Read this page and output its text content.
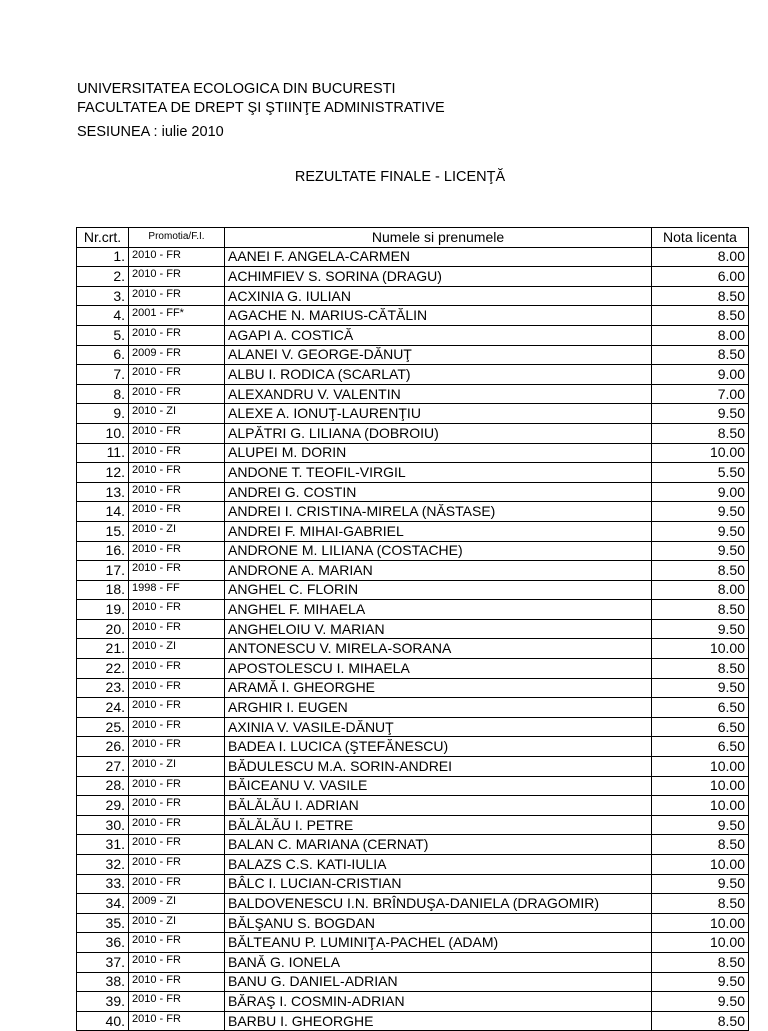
UNIVERSITATEA ECOLOGICA DIN BUCURESTI
FACULTATEA DE DREPT ŞI ŞTIINŢE ADMINISTRATIVE
SESIUNEA : iulie 2010
REZULTATE FINALE - LICENŢĂ
Nr.crt.	Promotia/F.I.	Numele si prenumele	Nota licenta
1.	2010 - FR	AANEI F. ANGELA-CARMEN	8.00
2.	2010 - FR	ACHIMFIEV S. SORINA (DRAGU)	6.00
3.	2010 - FR	ACXINIA G. IULIAN	8.50
4.	2001 - FF*	AGACHE N. MARIUS-CĂTĂLIN	8.50
5.	2010 - FR	AGAPI A. COSTICĂ	8.00
6.	2009 - FR	ALANEI V. GEORGE-DĂNUŢ	8.50
7.	2010 - FR	ALBU I. RODICA (SCARLAT)	9.00
8.	2010 - FR	ALEXANDRU V. VALENTIN	7.00
9.	2010 - ZI	ALEXE A. IONUŢ-LAURENŢIU	9.50
10.	2010 - FR	ALPĂTRI G. LILIANA (DOBROIU)	8.50
11.	2010 - FR	ALUPEI M. DORIN	10.00
12.	2010 - FR	ANDONE T. TEOFIL-VIRGIL	5.50
13.	2010 - FR	ANDREI G. COSTIN	9.00
14.	2010 - FR	ANDREI I. CRISTINA-MIRELA (NĂSTASE)	9.50
15.	2010 - ZI	ANDREI F. MIHAI-GABRIEL	9.50
16.	2010 - FR	ANDRONE M. LILIANA (COSTACHE)	9.50
17.	2010 - FR	ANDRONE A. MARIAN	8.50
18.	1998 - FF	ANGHEL C. FLORIN	8.00
19.	2010 - FR	ANGHEL F. MIHAELA	8.50
20.	2010 - FR	ANGHELOIU V. MARIAN	9.50
21.	2010 - ZI	ANTONESCU V. MIRELA-SORANA	10.00
22.	2010 - FR	APOSTOLESCU I. MIHAELA	8.50
23.	2010 - FR	ARAMĂ I. GHEORGHE	9.50
24.	2010 - FR	ARGHIR I. EUGEN	6.50
25.	2010 - FR	AXINIA V. VASILE-DĂNUŢ	6.50
26.	2010 - FR	BADEA I. LUCICA (ŞTEFĂNESCU)	6.50
27.	2010 - ZI	BĂDULESCU M.A. SORIN-ANDREI	10.00
28.	2010 - FR	BĂICEANU V. VASILE	10.00
29.	2010 - FR	BĂLĂLĂU I. ADRIAN	10.00
30.	2010 - FR	BĂLĂLĂU I. PETRE	9.50
31.	2010 - FR	BALAN C. MARIANA (CERNAT)	8.50
32.	2010 - FR	BALAZS C.S. KATI-IULIA	10.00
33.	2010 - FR	BÂLC I. LUCIAN-CRISTIAN	9.50
34.	2009 - ZI	BALDOVENESCU I.N. BRÎNDUŞA-DANIELA (DRAGOMIR)	8.50
35.	2010 - ZI	BĂLŞANU S. BOGDAN	10.00
36.	2010 - FR	BĂLTEANU P. LUMINIŢA-PACHEL (ADAM)	10.00
37.	2010 - FR	BANĂ G. IONELA	8.50
38.	2010 - FR	BANU G. DANIEL-ADRIAN	9.50
39.	2010 - FR	BĂRAŞ I. COSMIN-ADRIAN	9.50
40.	2010 - FR	BARBU I. GHEORGHE	8.50
